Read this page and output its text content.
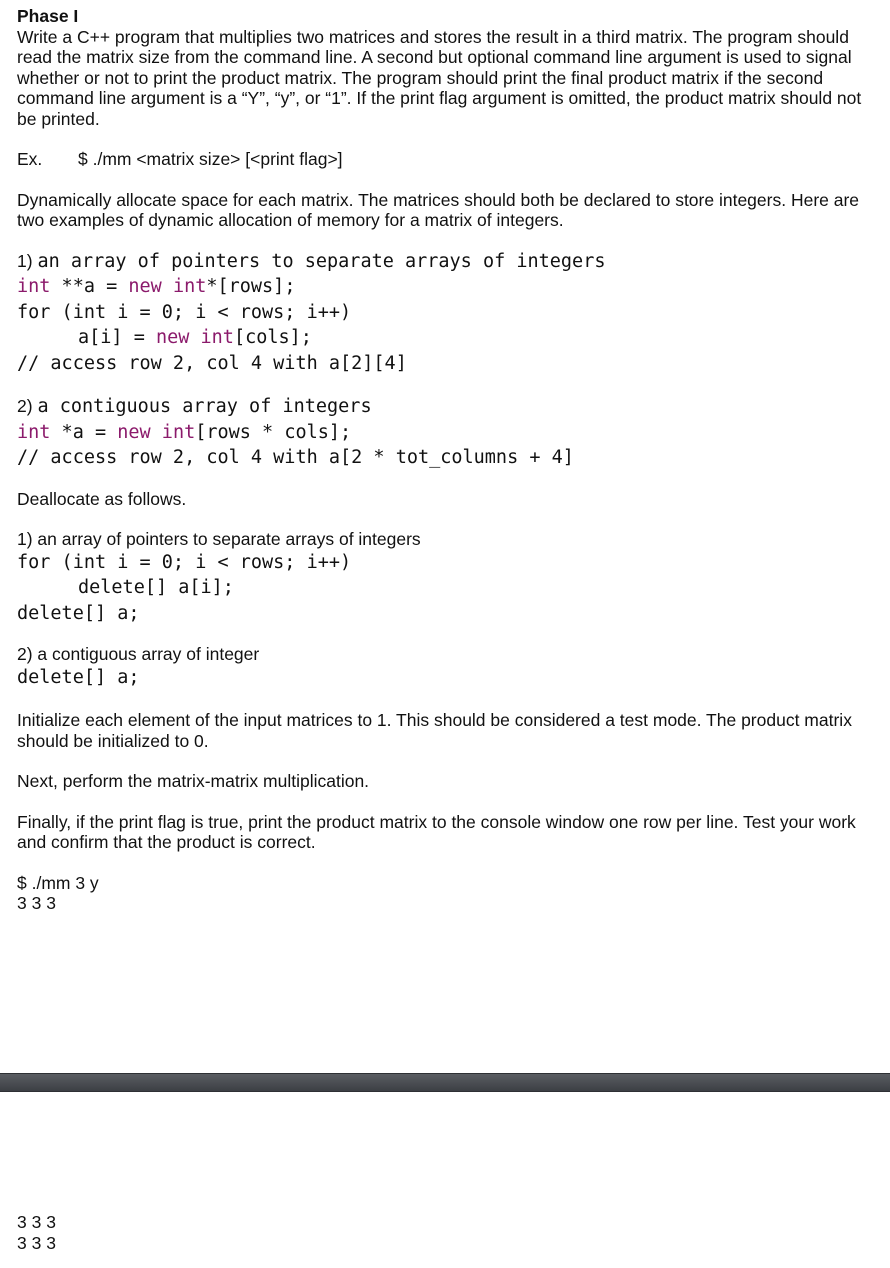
Phase I

Write a C++ program that multiplies two matrices and stores the result in a third matrix. The program should read the matrix size from the command line. A second but optional command line argument is used to signal whether or not to print the product matrix. The program should print the final product matrix if the second command line argument is a “Y”, “y”, or “1”. If the print flag argument is omitted, the product matrix should not be printed.

Ex.	$ ./mm <matrix size> [<print flag>]

Dynamically allocate space for each matrix. The matrices should both be declared to store integers. Here are two examples of dynamic allocation of memory for a matrix of integers.

1) an array of pointers to separate arrays of integers
int **a = new int*[rows];
for (int i = 0; i < rows; i++)
a[i] = new int[cols];
// access row 2, col 4 with a[2][4]
2) a contiguous array of integers
int *a = new int[rows * cols];
// access row 2, col 4 with a[2 * tot_columns + 4]

Deallocate as follows.

1) an array of pointers to separate arrays of integers

for (int i = 0; i < rows; i++)
delete[] a[i];
delete[] a;

2) a contiguous array of integer

delete[] a;

Initialize each element of the input matrices to 1. This should be considered a test mode. The product matrix should be initialized to 0.

Next, perform the matrix-matrix multiplication.

Finally, if the print flag is true, print the product matrix to the console window one row per line. Test your work and confirm that the product is correct.

$ ./mm 3 y

3 3 3

3 3 3

3 3 3
